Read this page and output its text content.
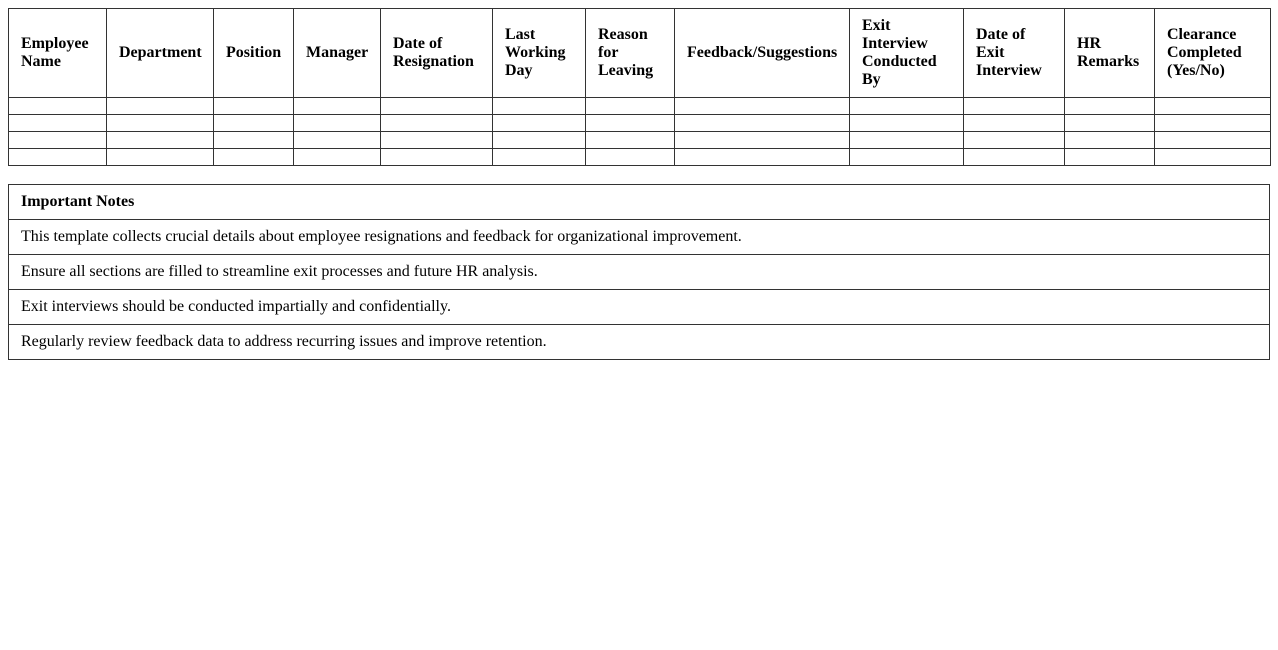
Employee Name	Department	Position	Manager	Date of Resignation	Last Working Day	Reason for Leaving	Feedback/Suggestions	Exit Interview Conducted By	Date of Exit Interview	HR Remarks	Clearance Completed (Yes/No)

Important Notes
This template collects crucial details about employee resignations and feedback for organizational improvement.
Ensure all sections are filled to streamline exit processes and future HR analysis.
Exit interviews should be conducted impartially and confidentially.
Regularly review feedback data to address recurring issues and improve retention.
